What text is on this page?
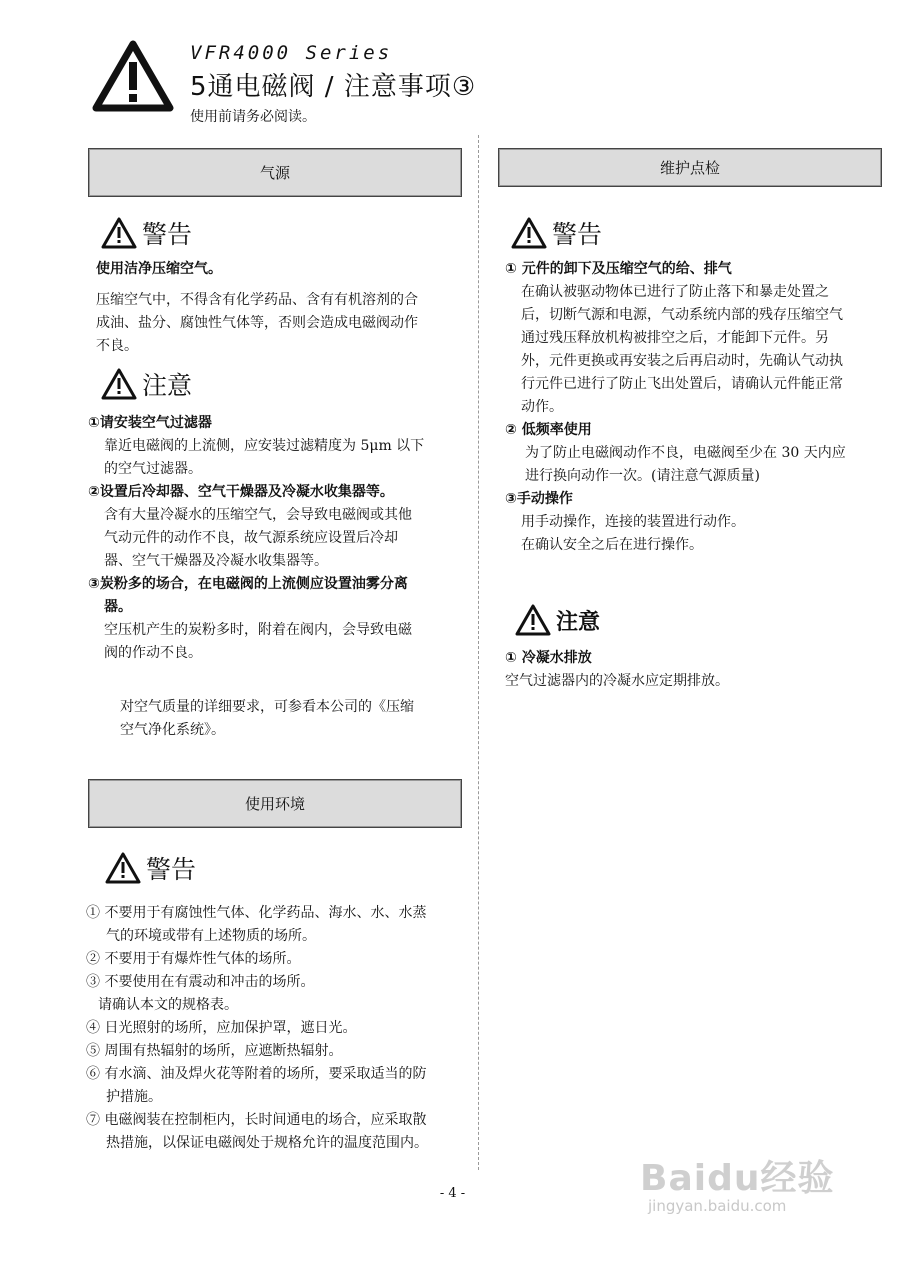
VFR4000 Series
5通电磁阀 / 注意事项③
使用前请务必阅读。
气源
警告
使用洁净压缩空气。
压缩空气中，不得含有化学药品、含有有机溶剂的合
成油、盐分、腐蚀性气体等，否则会造成电磁阀动作
不良。
注意
①请安装空气过滤器
靠近电磁阀的上流侧，应安装过滤精度为 5μm 以下
的空气过滤器。
②设置后冷却器、空气干燥器及冷凝水收集器等。
含有大量冷凝水的压缩空气，会导致电磁阀或其他
气动元件的动作不良，故气源系统应设置后冷却
器、空气干燥器及冷凝水收集器等。
③炭粉多的场合，在电磁阀的上流侧应设置油雾分离
器。
空压机产生的炭粉多时，附着在阀内，会导致电磁
阀的作动不良。
对空气质量的详细要求，可参看本公司的《压缩
空气净化系统》。
使用环境
警告
① 不要用于有腐蚀性气体、化学药品、海水、水、水蒸
气的环境或带有上述物质的场所。
② 不要用于有爆炸性气体的场所。
③ 不要使用在有震动和冲击的场所。
请确认本文的规格表。
④ 日光照射的场所，应加保护罩，遮日光。
⑤ 周围有热辐射的场所，应遮断热辐射。
⑥ 有水滴、油及焊火花等附着的场所，要采取适当的防
护措施。
⑦ 电磁阀装在控制柜内，长时间通电的场合，应采取散
热措施，以保证电磁阀处于规格允许的温度范围内。
维护点检
警告
① 元件的卸下及压缩空气的给、排气
在确认被驱动物体已进行了防止落下和暴走处置之
后，切断气源和电源，气动系统内部的残存压缩空气
通过残压释放机构被排空之后，才能卸下元件。另
外，元件更换或再安装之后再启动时，先确认气动执
行元件已进行了防止飞出处置后，请确认元件能正常
动作。
② 低频率使用
为了防止电磁阀动作不良，电磁阀至少在 30 天内应
进行换向动作一次。(请注意气源质量)
③手动操作
用手动操作，连接的装置进行动作。
在确认安全之后在进行操作。
注意
① 冷凝水排放
空气过滤器内的冷凝水应定期排放。
- 4 -	Baidu经验
jingyan.baidu.com
